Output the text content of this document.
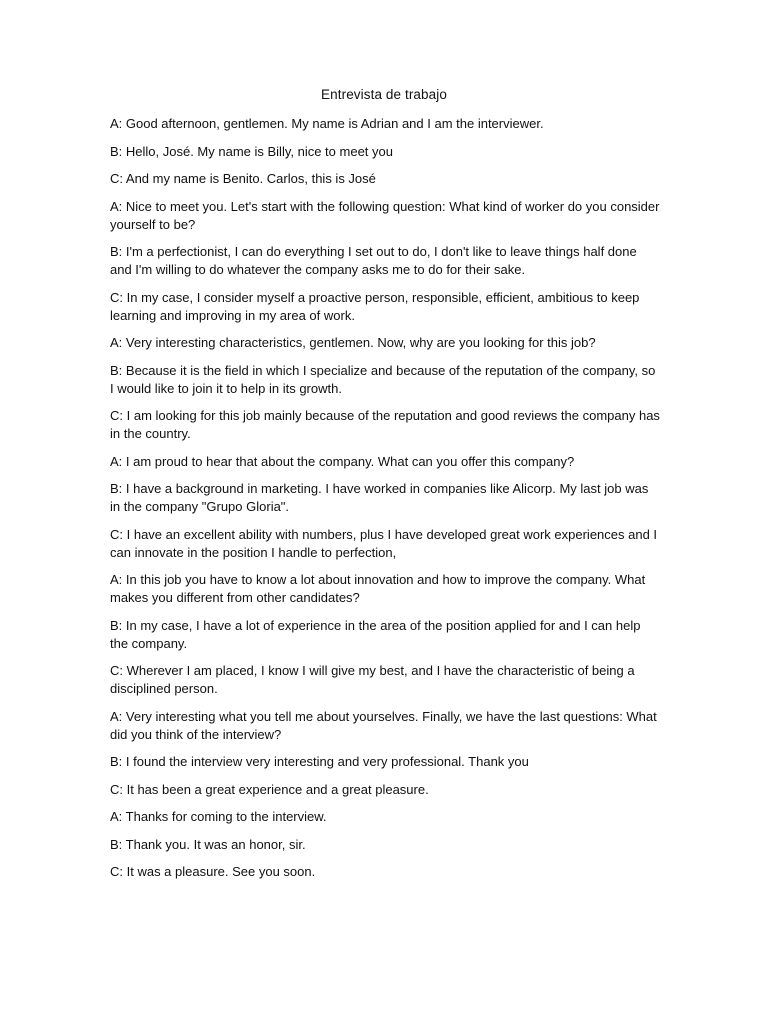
Entrevista de trabajo

A: Good afternoon, gentlemen. My name is Adrian and I am the interviewer.

B: Hello, José. My name is Billy, nice to meet you

C: And my name is Benito. Carlos, this is José

A: Nice to meet you. Let's start with the following question: What kind of worker do you consider yourself to be?

B: I'm a perfectionist, I can do everything I set out to do, I don't like to leave things half done and I'm willing to do whatever the company asks me to do for their sake.

C: In my case, I consider myself a proactive person, responsible, efficient, ambitious to keep learning and improving in my area of work.

A: Very interesting characteristics, gentlemen. Now, why are you looking for this job?

B: Because it is the field in which I specialize and because of the reputation of the company, so I would like to join it to help in its growth.

C: I am looking for this job mainly because of the reputation and good reviews the company has in the country.

A: I am proud to hear that about the company. What can you offer this company?

B: I have a background in marketing. I have worked in companies like Alicorp. My last job was in the company "Grupo Gloria".

C: I have an excellent ability with numbers, plus I have developed great work experiences and I can innovate in the position I handle to perfection,

A: In this job you have to know a lot about innovation and how to improve the company. What makes you different from other candidates?

B: In my case, I have a lot of experience in the area of the position applied for and I can help the company.

C: Wherever I am placed, I know I will give my best, and I have the characteristic of being a disciplined person.

A: Very interesting what you tell me about yourselves. Finally, we have the last questions: What did you think of the interview?

B: I found the interview very interesting and very professional. Thank you

C: It has been a great experience and a great pleasure.

A: Thanks for coming to the interview.

B: Thank you. It was an honor, sir.

C: It was a pleasure. See you soon.
